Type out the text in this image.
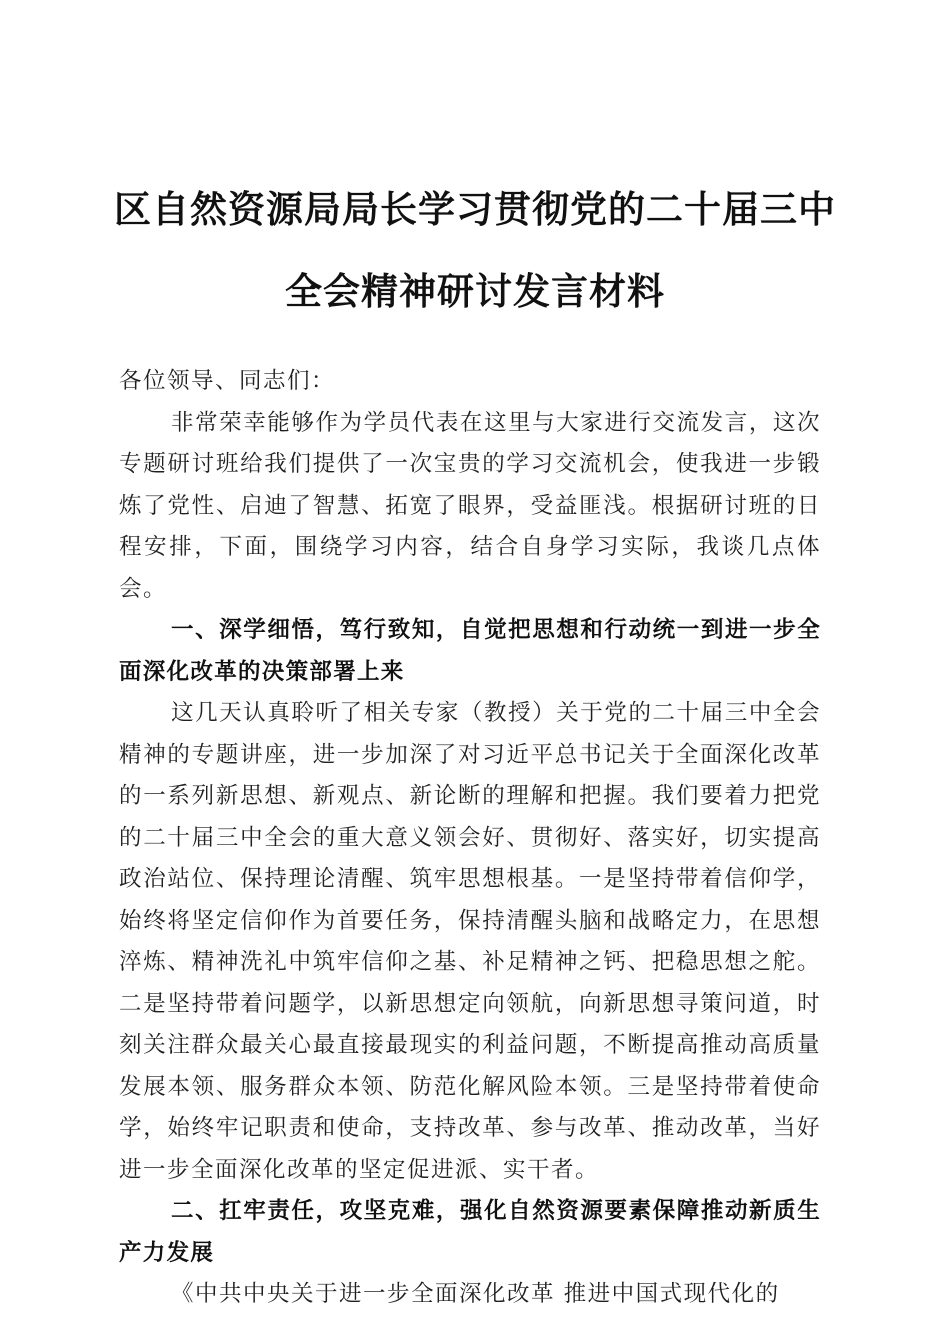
区自然资源局局长学习贯彻党的二十届三中全会精神研讨发言材料

各位领导、同志们：

非常荣幸能够作为学员代表在这里与大家进行交流发言，这次专题研讨班给我们提供了一次宝贵的学习交流机会，使我进一步锻炼了党性、启迪了智慧、拓宽了眼界，受益匪浅。根据研讨班的日程安排，下面，围绕学习内容，结合自身学习实际，我谈几点体会。

一、深学细悟，笃行致知，自觉把思想和行动统一到进一步全面深化改革的决策部署上来

这几天认真聆听了相关专家（教授）关于党的二十届三中全会精神的专题讲座，进一步加深了对习近平总书记关于全面深化改革的一系列新思想、新观点、新论断的理解和把握。我们要着力把党的二十届三中全会的重大意义领会好、贯彻好、落实好，切实提高政治站位、保持理论清醒、筑牢思想根基。一是坚持带着信仰学，始终将坚定信仰作为首要任务，保持清醒头脑和战略定力，在思想淬炼、精神洗礼中筑牢信仰之基、补足精神之钙、把稳思想之舵。二是坚持带着问题学，以新思想定向领航，向新思想寻策问道，时刻关注群众最关心最直接最现实的利益问题，不断提高推动高质量发展本领、服务群众本领、防范化解风险本领。三是坚持带着使命学，始终牢记职责和使命，支持改革、参与改革、推动改革，当好进一步全面深化改革的坚定促进派、实干者。

二、扛牢责任，攻坚克难，强化自然资源要素保障推动新质生产力发展

《中共中央关于进一步全面深化改革 推进中国式现代化的
